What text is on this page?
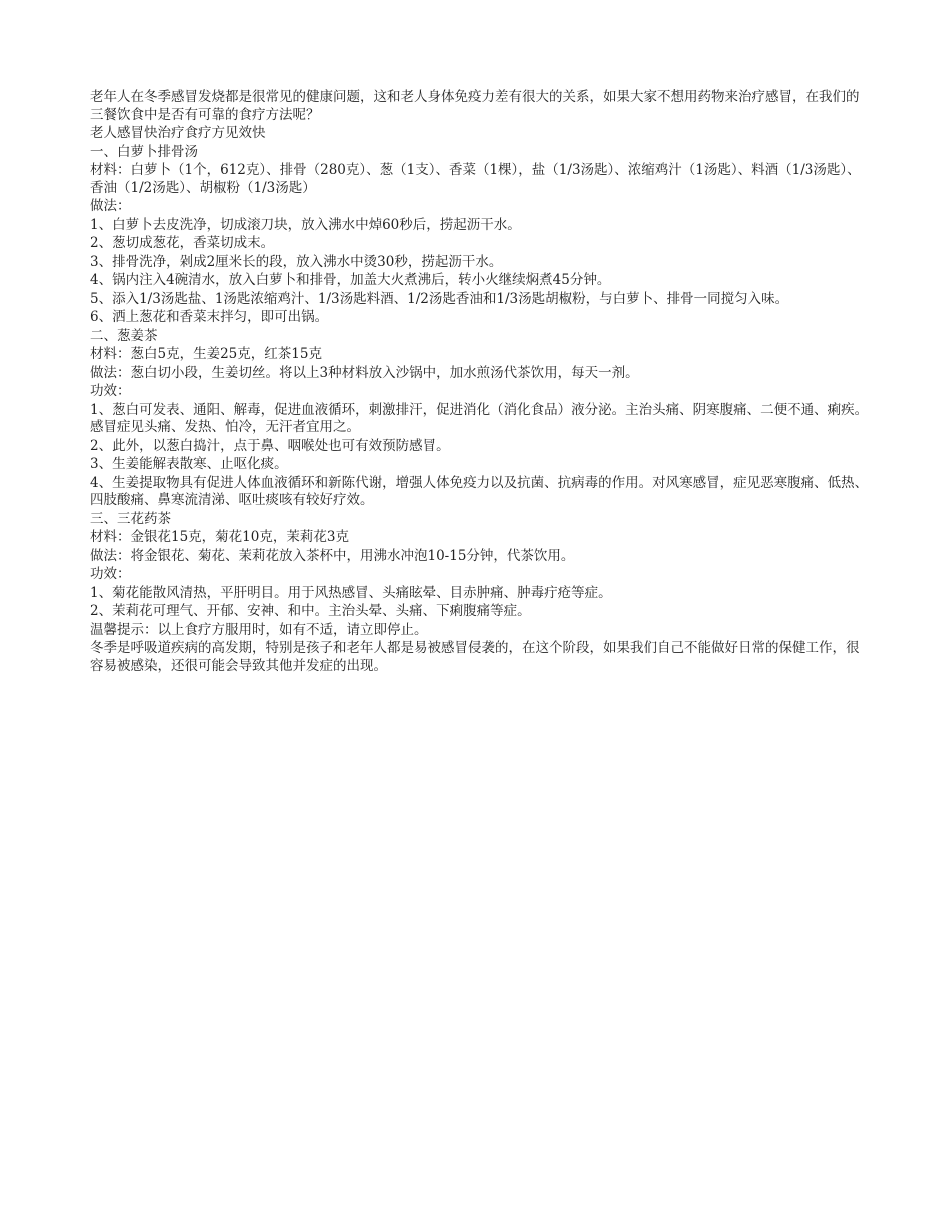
老年人在冬季感冒发烧都是很常见的健康问题，这和老人身体免疫力差有很大的关系，如果大家不想用药物来治疗感冒，在我们的三餐饮食中是否有可靠的食疗方法呢？

老人感冒快治疗食疗方见效快

一、白萝卜排骨汤

材料：白萝卜（1个，612克）、排骨（280克）、葱（1支）、香菜（1棵），盐（1/3汤匙）、浓缩鸡汁（1汤匙）、料酒（1/3汤匙）、香油（1/2汤匙）、胡椒粉（1/3汤匙）

做法：

1、白萝卜去皮洗净，切成滚刀块，放入沸水中焯60秒后，捞起沥干水。

2、葱切成葱花，香菜切成末。

3、排骨洗净，剁成2厘米长的段，放入沸水中烫30秒，捞起沥干水。

4、锅内注入4碗清水，放入白萝卜和排骨，加盖大火煮沸后，转小火继续焖煮45分钟。

5、添入1/3汤匙盐、1汤匙浓缩鸡汁、1/3汤匙料酒、1/2汤匙香油和1/3汤匙胡椒粉，与白萝卜、排骨一同搅匀入味。

6、洒上葱花和香菜末拌匀，即可出锅。

二、葱姜茶

材料：葱白5克，生姜25克，红茶15克

做法：葱白切小段，生姜切丝。将以上3种材料放入沙锅中，加水煎汤代茶饮用，每天一剂。

功效：

1、葱白可发表、通阳、解毒，促进血液循环，刺激排汗，促进消化（消化食品）液分泌。主治头痛、阴寒腹痛、二便不通、痢疾。感冒症见头痛、发热、怕冷，无汗者宜用之。

2、此外，以葱白捣汁，点于鼻、咽喉处也可有效预防感冒。

3、生姜能解表散寒、止呕化痰。

4、生姜提取物具有促进人体血液循环和新陈代谢，增强人体免疫力以及抗菌、抗病毒的作用。对风寒感冒，症见恶寒腹痛、低热、四肢酸痛、鼻寒流清涕、呕吐痰咳有较好疗效。

三、三花药茶

材料：金银花15克，菊花10克，茉莉花3克

做法：将金银花、菊花、茉莉花放入茶杯中，用沸水冲泡10-15分钟，代茶饮用。

功效：

1、菊花能散风清热，平肝明目。用于风热感冒、头痛眩晕、目赤肿痛、肿毒疔疮等症。

2、茉莉花可理气、开郁、安神、和中。主治头晕、头痛、下痢腹痛等症。

温馨提示：以上食疗方服用时，如有不适，请立即停止。

冬季是呼吸道疾病的高发期，特别是孩子和老年人都是易被感冒侵袭的，在这个阶段，如果我们自己不能做好日常的保健工作，很容易被感染，还很可能会导致其他并发症的出现。
